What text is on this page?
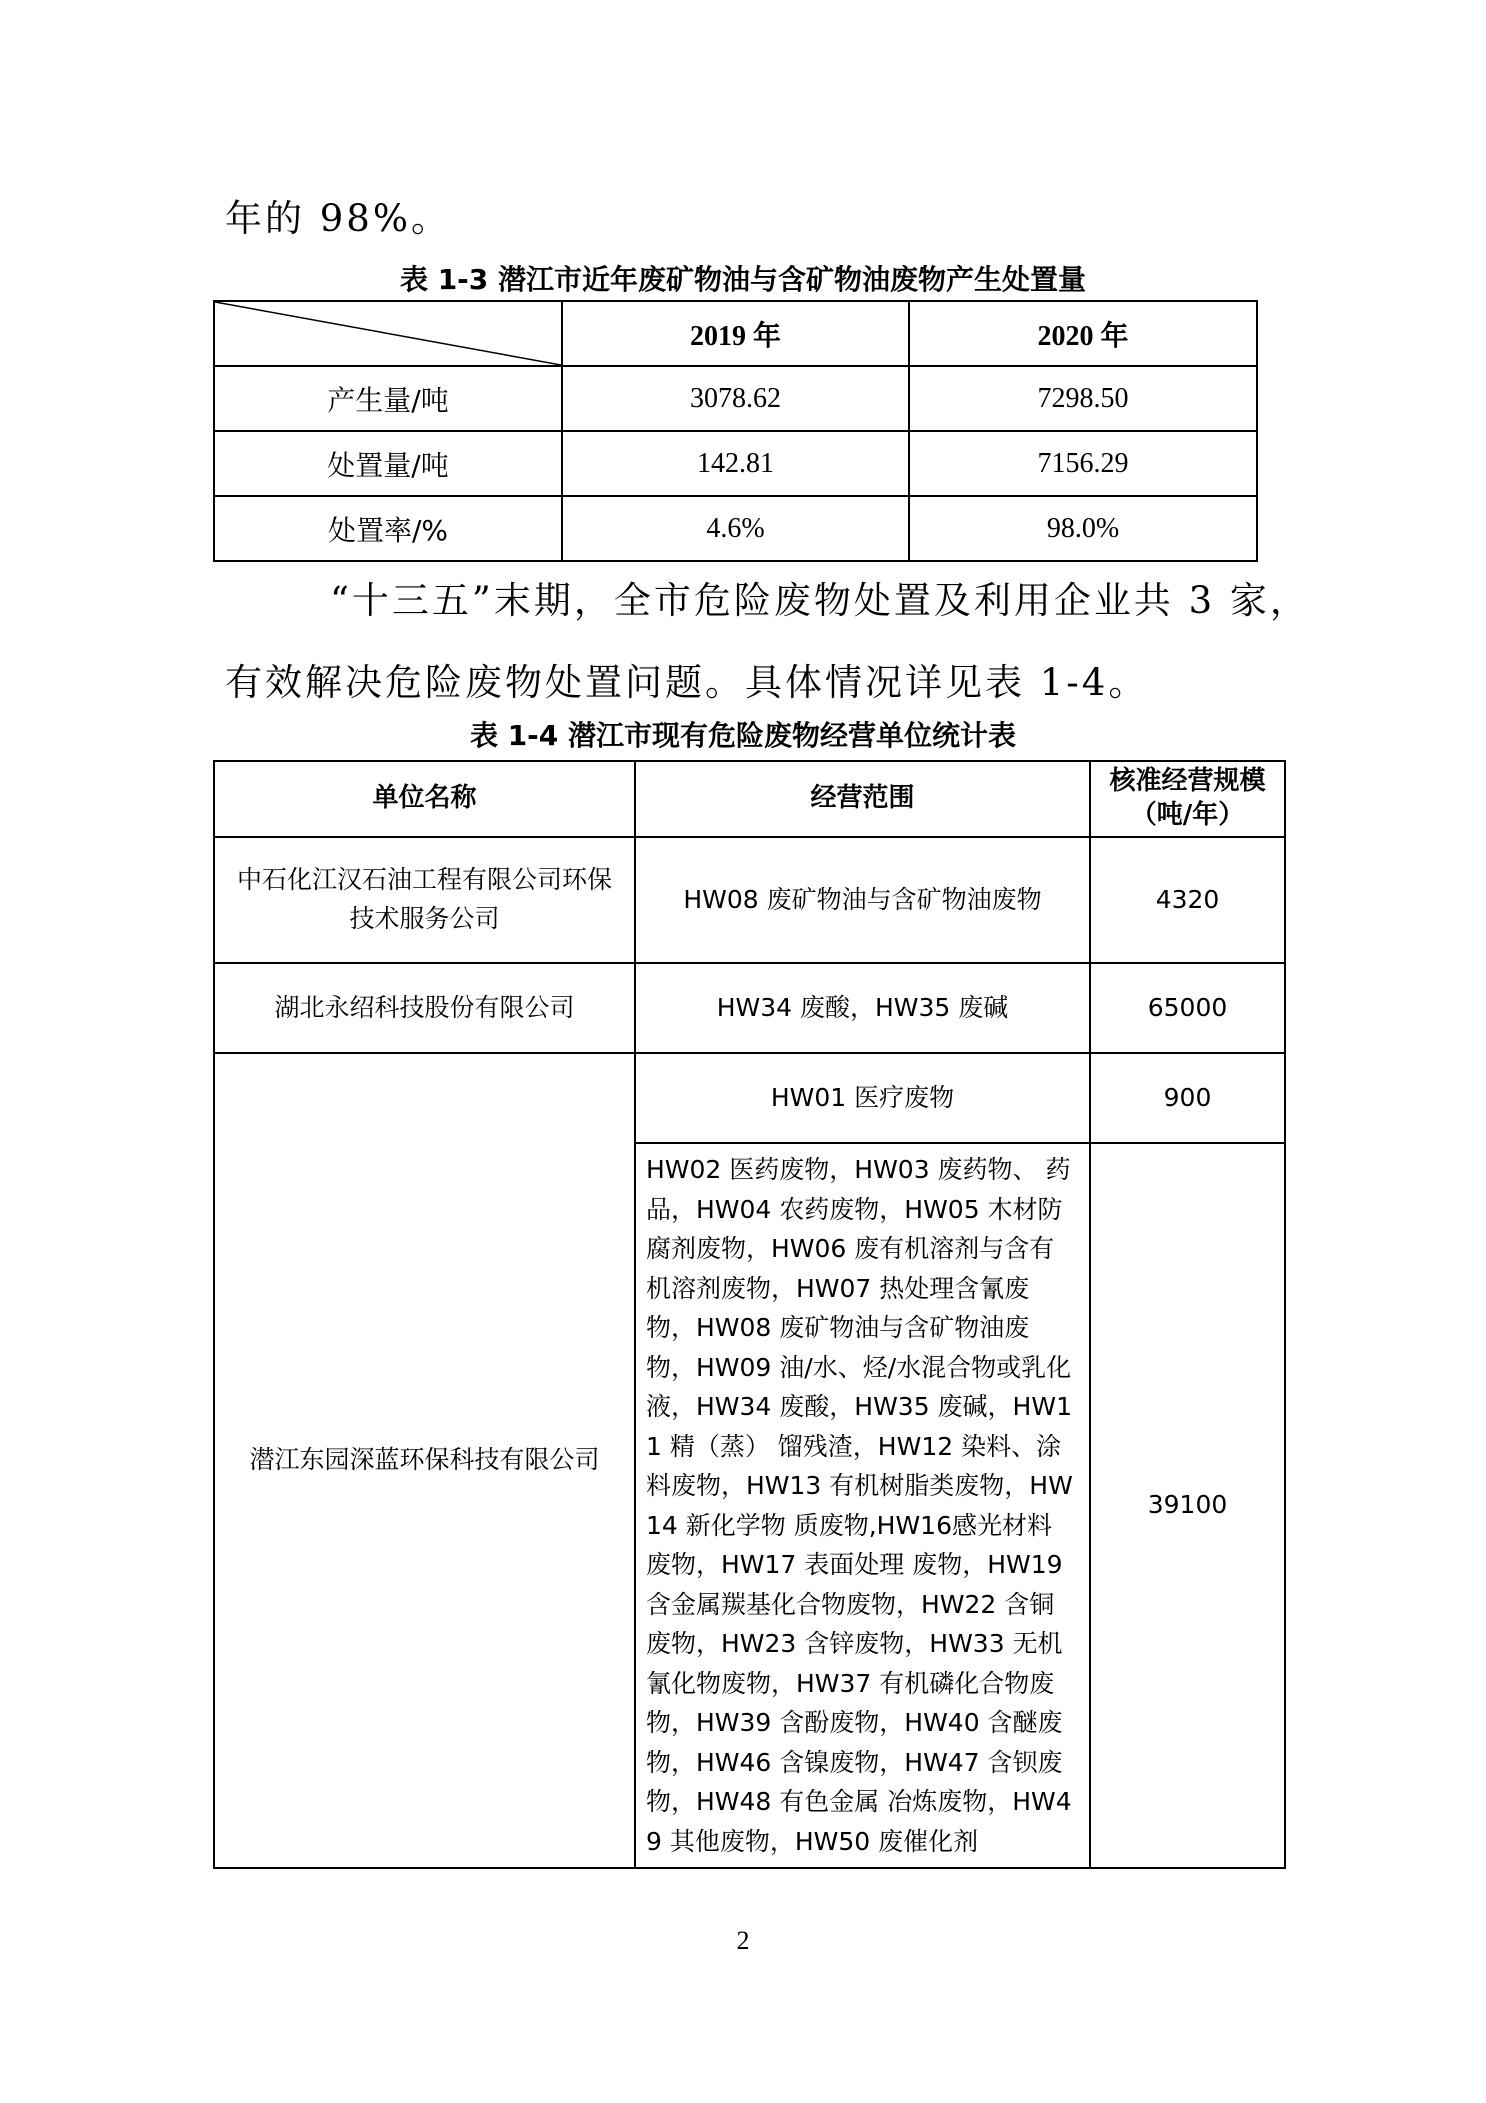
年的 98%。
表 1-3 潜江市近年废矿物油与含矿物油废物产生处置量
	2019 年	2020 年
产生量/吨	3078.62	7298.50
处置量/吨	142.81	7156.29
处置率/%	4.6%	98.0%
“十三五”末期，全市危险废物处置及利用企业共 3 家，
有效解决危险废物处置问题。具体情况详见表 1-4。
表 1-4 潜江市现有危险废物经营单位统计表
单位名称	经营范围	核准经营规模
（吨/年）

中石化江汉石油工程有限公司环保技术服务公司	HW08 废矿物油与含矿物油废物	4320
湖北永绍科技股份有限公司	HW34 废酸，HW35 废碱	65000
潜江东园深蓝环保科技有限公司	HW01 医疗废物	900
	HW02 医药废物，HW03 废药物、 药品，HW04 农药废物，HW05 木材防腐剂废物，HW06 废有机溶剂与含有机溶剂废物，HW07 热处理含氰废物，HW08 废矿物油与含矿物油废物，HW09 油/水、烃/水混合物或乳化液，HW34 废酸，HW35 废碱，HW11 精（蒸） 馏残渣，HW12 染料、涂料废物，HW13 有机树脂类废物，HW14 新化学物 质废物,HW16感光材料 废物，HW17 表面处理 废物，HW19 含金属羰基化合物废物，HW22 含铜废物，HW23 含锌废物，HW33 无机氰化物废物，HW37 有机磷化合物废物，HW39 含酚废物，HW40 含醚废物，HW46 含镍废物，HW47 含钡废物，HW48 有色金属 冶炼废物，HW49 其他废物，HW50 废催化剂	39100
2
